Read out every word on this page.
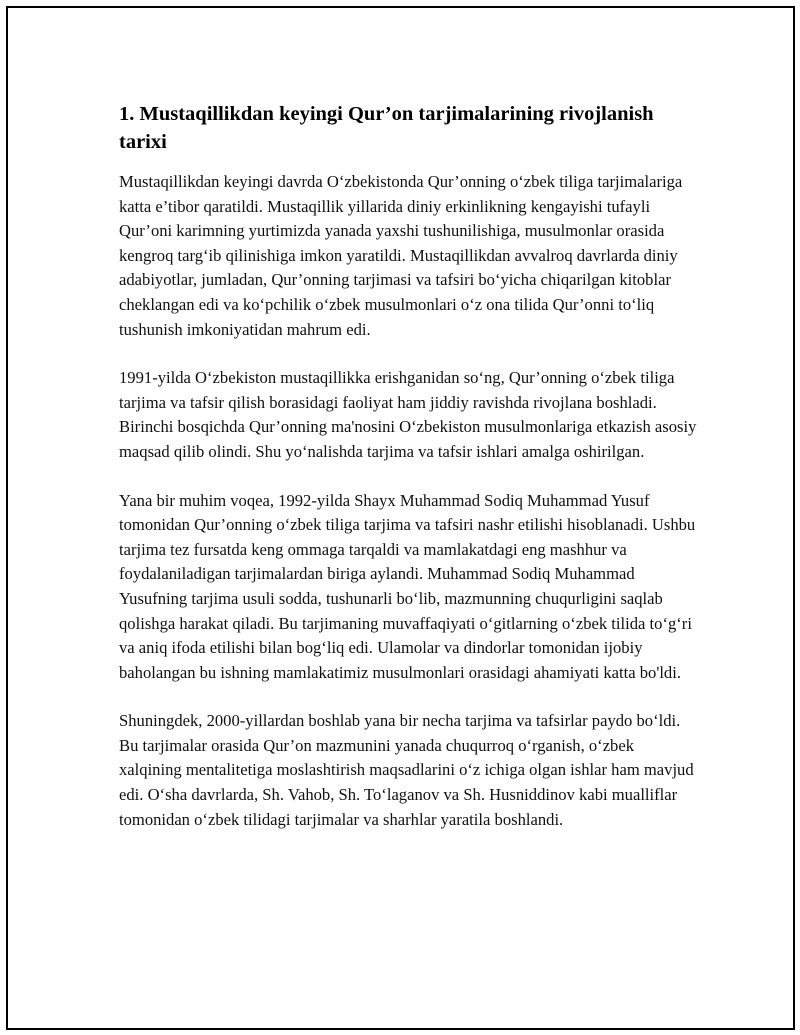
1. Mustaqillikdan keyingi Qur’on tarjimalarining rivojlanish tarixi

Mustaqillikdan keyingi davrda O‘zbekistonda Qur’onning o‘zbek tiliga tarjimalariga katta e’tibor qaratildi. Mustaqillik yillarida diniy erkinlikning kengayishi tufayli Qur’oni karimning yurtimizda yanada yaxshi tushunilishiga, musulmonlar orasida kengroq targ‘ib qilinishiga imkon yaratildi. Mustaqillikdan avvalroq davrlarda diniy adabiyotlar, jumladan, Qur’onning tarjimasi va tafsiri bo‘yicha chiqarilgan kitoblar cheklangan edi va ko‘pchilik o‘zbek musulmonlari o‘z ona tilida Qur’onni to‘liq tushunish imkoniyatidan mahrum edi.

1991-yilda O‘zbekiston mustaqillikka erishganidan so‘ng, Qur’onning o‘zbek tiliga tarjima va tafsir qilish borasidagi faoliyat ham jiddiy ravishda rivojlana boshladi. Birinchi bosqichda Qur’onning ma'nosini O‘zbekiston musulmonlariga etkazish asosiy maqsad qilib olindi. Shu yo‘nalishda tarjima va tafsir ishlari amalga oshirilgan.

Yana bir muhim voqea, 1992-yilda Shayx Muhammad Sodiq Muhammad Yusuf tomonidan Qur’onning o‘zbek tiliga tarjima va tafsiri nashr etilishi hisoblanadi. Ushbu tarjima tez fursatda keng ommaga tarqaldi va mamlakatdagi eng mashhur va foydalaniladigan tarjimalardan biriga aylandi. Muhammad Sodiq Muhammad Yusufning tarjima usuli sodda, tushunarli bo‘lib, mazmunning chuqurligini saqlab qolishga harakat qiladi. Bu tarjimaning muvaffaqiyati o‘gitlarning o‘zbek tilida to‘g‘ri va aniq ifoda etilishi bilan bog‘liq edi. Ulamolar va dindorlar tomonidan ijobiy baholangan bu ishning mamlakatimiz musulmonlari orasidagi ahamiyati katta bo'ldi.

Shuningdek, 2000-yillardan boshlab yana bir necha tarjima va tafsirlar paydo bo‘ldi. Bu tarjimalar orasida Qur’on mazmunini yanada chuqurroq o‘rganish, o‘zbek xalqining mentalitetiga moslashtirish maqsadlarini o‘z ichiga olgan ishlar ham mavjud edi. O‘sha davrlarda, Sh. Vahob, Sh. To‘laganov va Sh. Husniddinov kabi mualliflar tomonidan o‘zbek tilidagi tarjimalar va sharhlar yaratila boshlandi.
